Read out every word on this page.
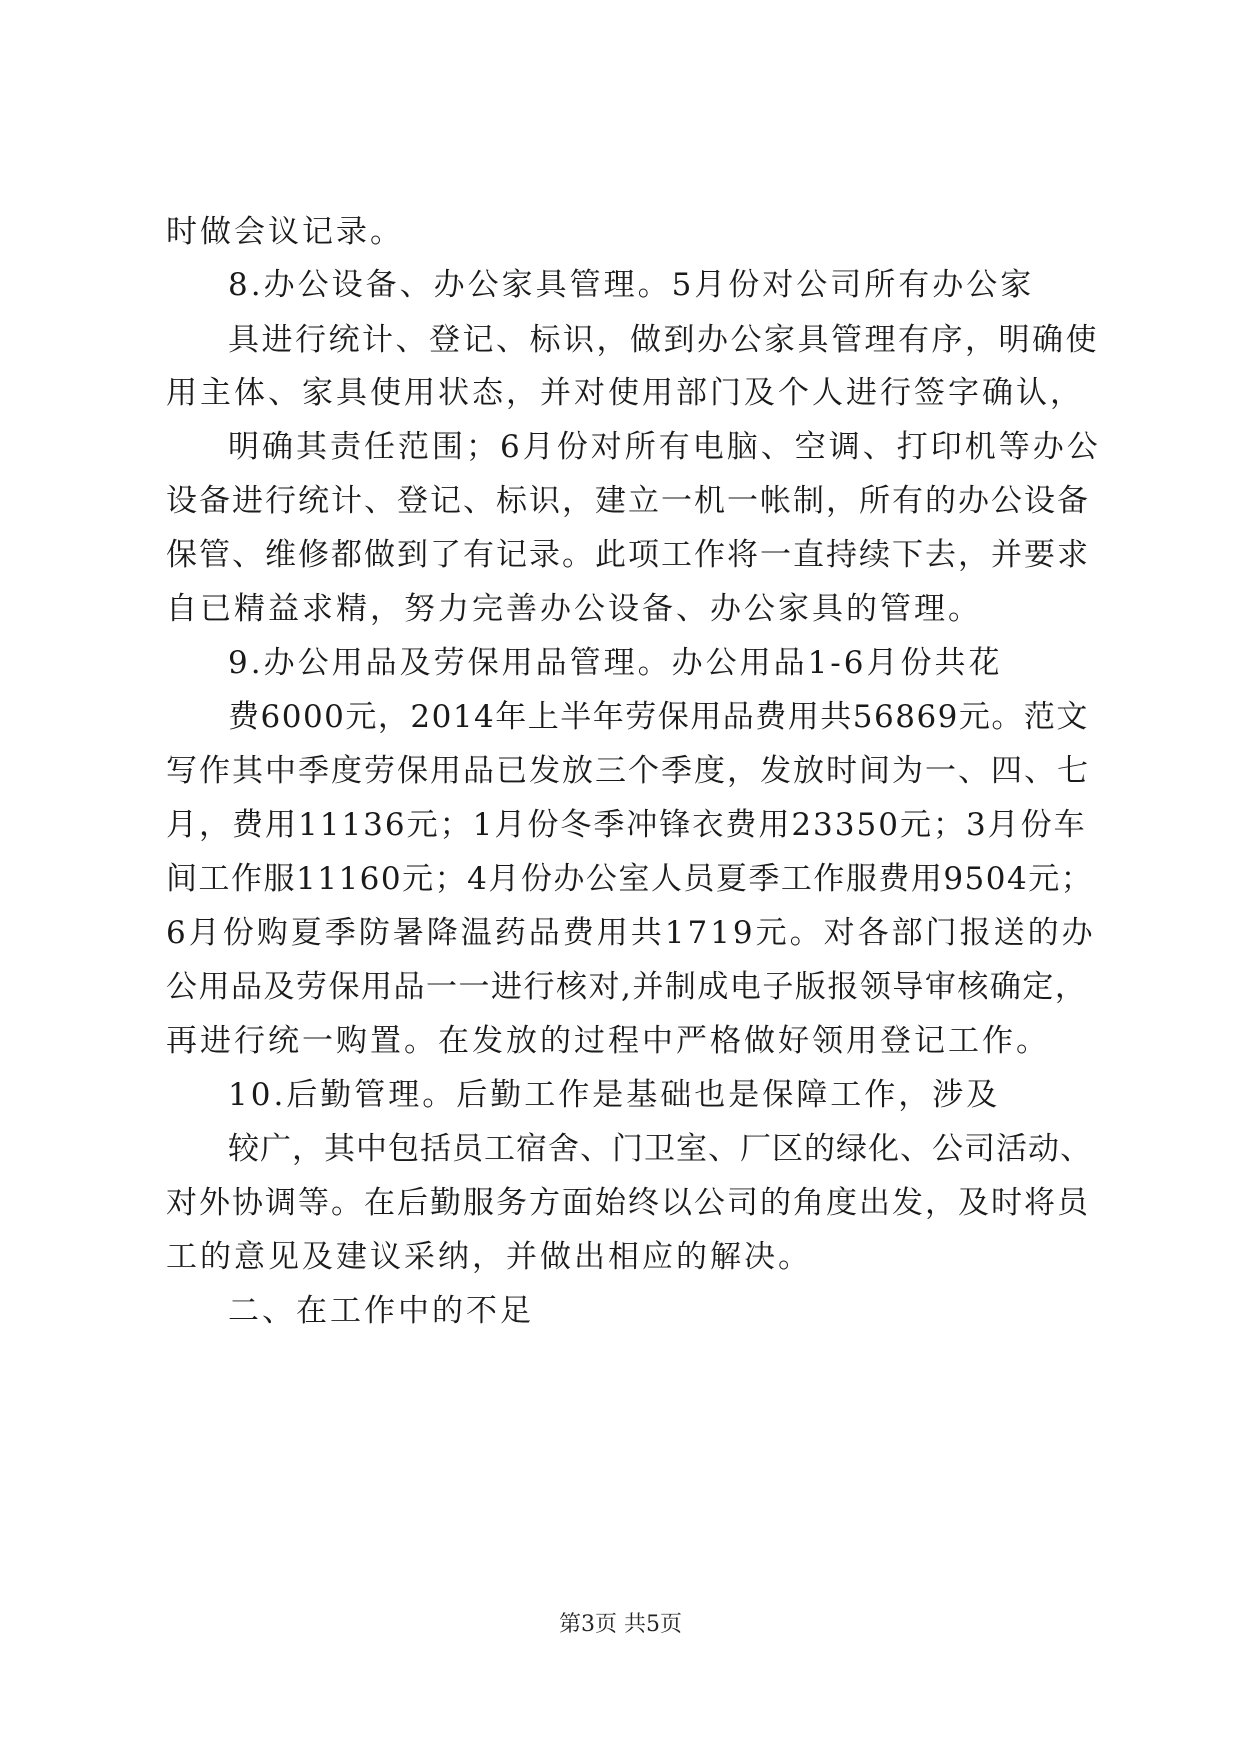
时做会议记录。
8.办公设备、办公家具管理。5月份对公司所有办公家
具进行统计、登记、标识，做到办公家具管理有序，明确使
用主体、家具使用状态，并对使用部门及个人进行签字确认，
明确其责任范围；6月份对所有电脑、空调、打印机等办公
设备进行统计、登记、标识，建立一机一帐制，所有的办公设备
保管、维修都做到了有记录。此项工作将一直持续下去，并要求
自已精益求精，努力完善办公设备、办公家具的管理。
9.办公用品及劳保用品管理。办公用品1-6月份共花
费6000元，2014年上半年劳保用品费用共56869元。范文
写作其中季度劳保用品已发放三个季度，发放时间为一、四、七
月，费用11136元；1月份冬季冲锋衣费用23350元；3月份车
间工作服11160元；4月份办公室人员夏季工作服费用9504元；
6月份购夏季防暑降温药品费用共1719元。对各部门报送的办
公用品及劳保用品一一进行核对,并制成电子版报领导审核确定，
再进行统一购置。在发放的过程中严格做好领用登记工作。
10.后勤管理。后勤工作是基础也是保障工作，涉及
较广，其中包括员工宿舍、门卫室、厂区的绿化、公司活动、
对外协调等。在后勤服务方面始终以公司的角度出发，及时将员
工的意见及建议采纳，并做出相应的解决。
二、在工作中的不足
第3页 共5页
